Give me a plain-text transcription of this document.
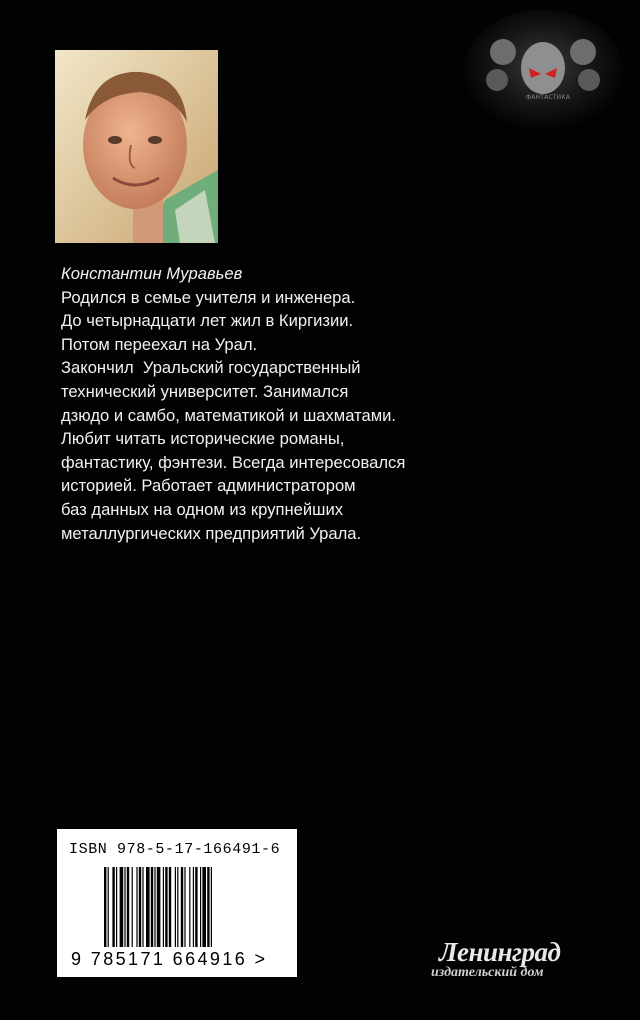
ФАНТАСТИКА
Константин Муравьев
Родился в семье учителя и инженера.
До четырнадцати лет жил в Киргизии.
Потом переехал на Урал.
Закончил  Уральский государственный
технический университет. Занимался
дзюдо и самбо, математикой и шахматами.
Любит читать исторические романы,
фантастику, фэнтези. Всегда интересовался
историей. Работает администратором
баз данных на одном из крупнейших
металлургических предприятий Урала.
ISBN 978-5-17-166491-6
9 785171 664916 >	Ленинград
издательский дом
